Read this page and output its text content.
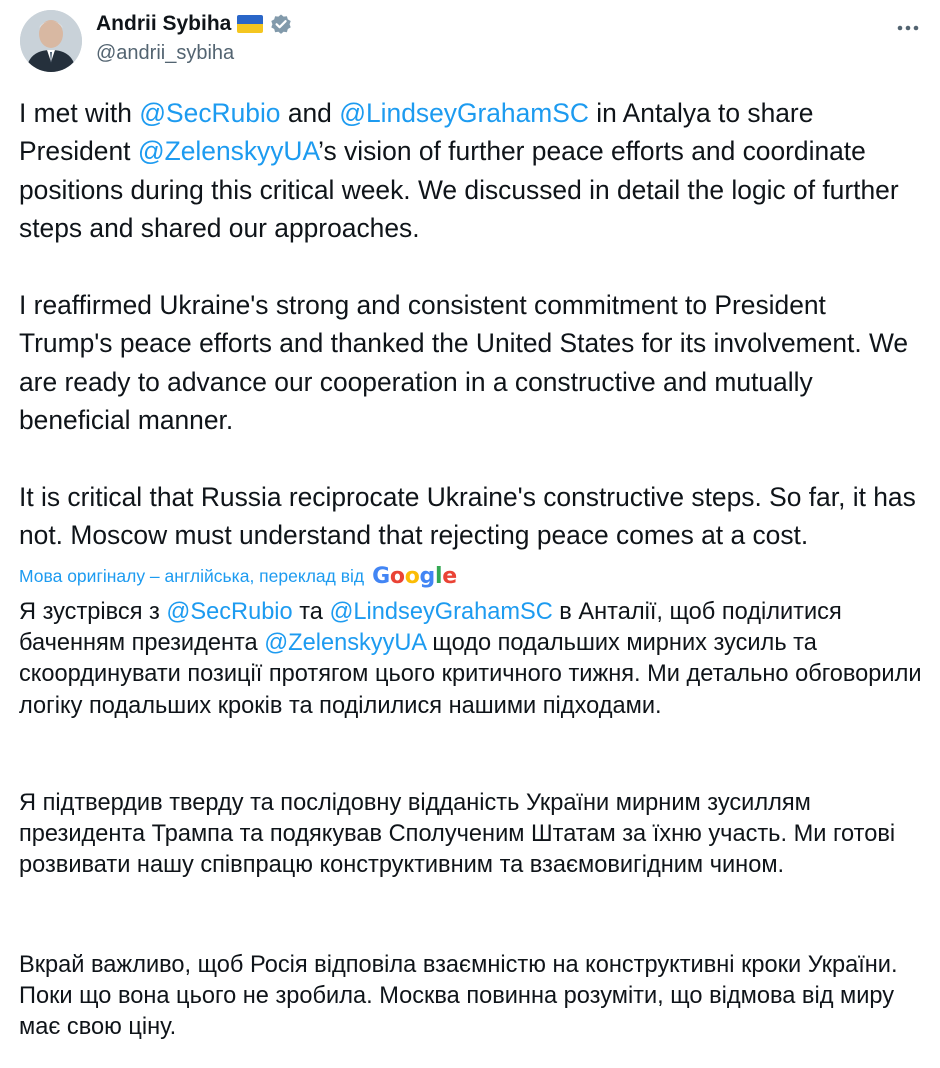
Andrii Sybiha
@andrii_sybiha

I met with @SecRubio and @LindseyGrahamSC in Antalya to share President @ZelenskyyUA’s vision of further peace efforts and coordinate positions during this critical week. We discussed in detail the logic of further steps and shared our approaches.

I reaffirmed Ukraine's strong and consistent commitment to President Trump's peace efforts and thanked the United States for its involvement. We are ready to advance our cooperation in a constructive and mutually beneficial manner.

It is critical that Russia reciprocate Ukraine's constructive steps. So far, it has not. Moscow must understand that rejecting peace comes at a cost.

Мова оригіналу – англійська, переклад від Google

Я зустрівся з @SecRubio та @LindseyGrahamSC в Анталії, щоб поділитися баченням президента @ZelenskyyUA щодо подальших мирних зусиль та скоординувати позиції протягом цього критичного тижня. Ми детально обговорили логіку подальших кроків та поділилися нашими підходами.

Я підтвердив тверду та послідовну відданість України мирним зусиллям президента Трампа та подякував Сполученим Штатам за їхню участь. Ми готові розвивати нашу співпрацю конструктивним та взаємовигідним чином.

Вкрай важливо, щоб Росія відповіла взаємністю на конструктивні кроки України. Поки що вона цього не зробила. Москва повинна розуміти, що відмова від миру має свою ціну.
